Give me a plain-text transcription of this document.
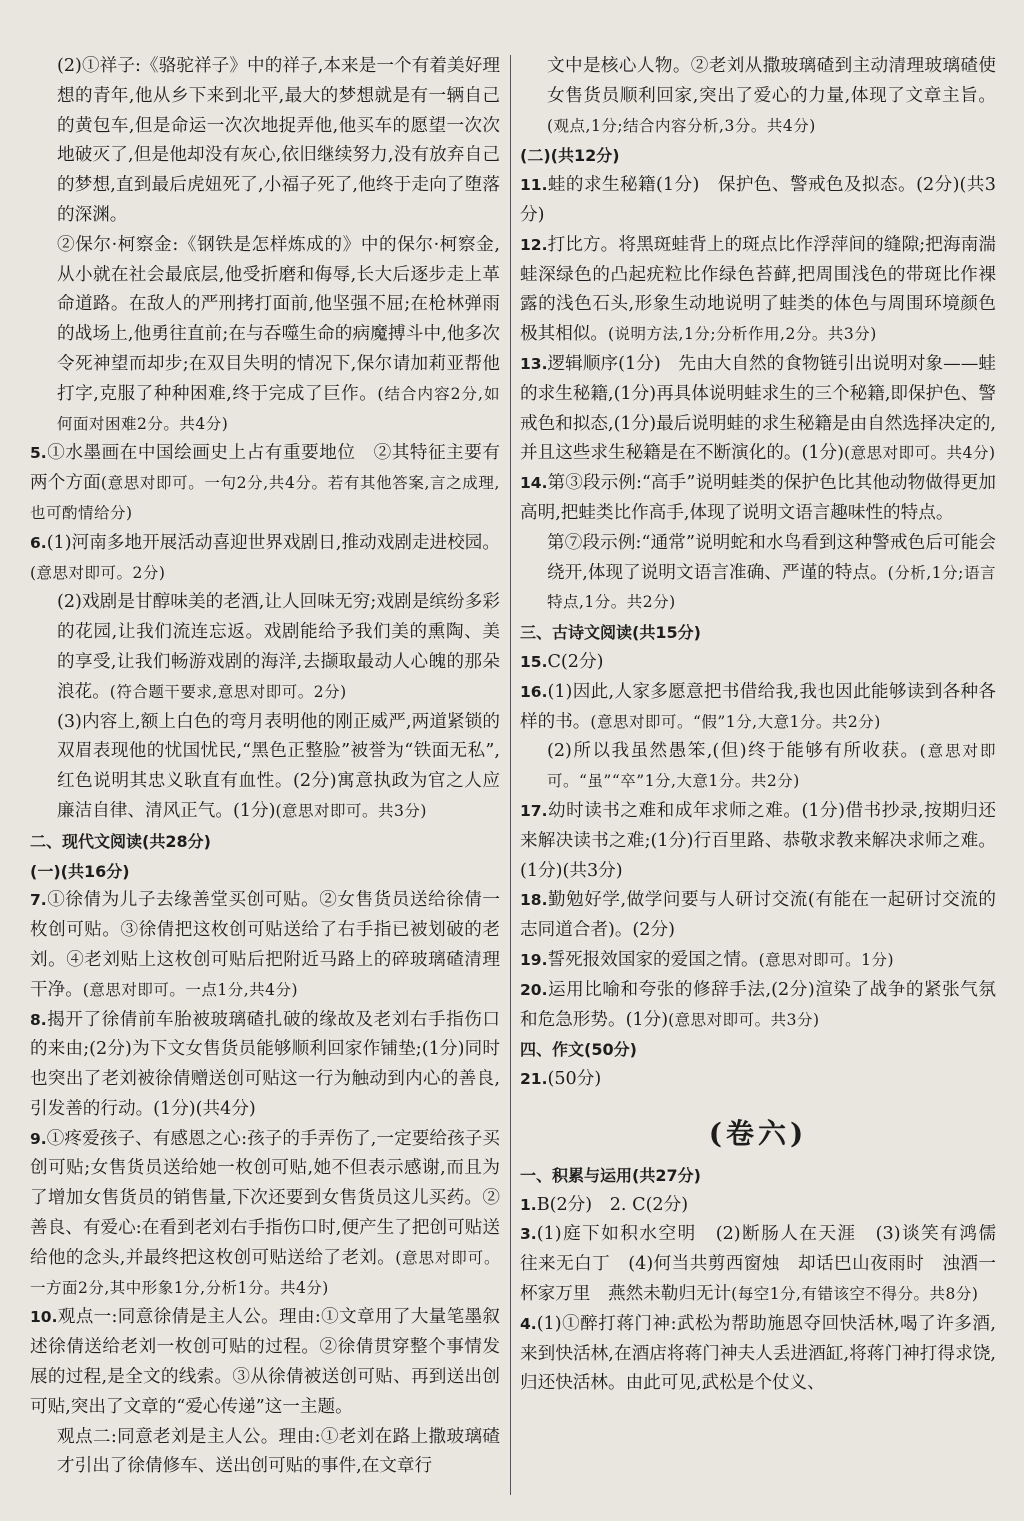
(2)①祥子:《骆驼祥子》中的祥子,本来是一个有着美好理想的青年,他从乡下来到北平,最大的梦想就是有一辆自己的黄包车,但是命运一次次地捉弄他,他买车的愿望一次次地破灭了,但是他却没有灰心,依旧继续努力,没有放弃自己的梦想,直到最后虎妞死了,小福子死了,他终于走向了堕落的深渊。

②保尔·柯察金:《钢铁是怎样炼成的》中的保尔·柯察金,从小就在社会最底层,他受折磨和侮辱,长大后逐步走上革命道路。在敌人的严刑拷打面前,他坚强不屈;在枪林弹雨的战场上,他勇往直前;在与吞噬生命的病魔搏斗中,他多次令死神望而却步;在双目失明的情况下,保尔请加莉亚帮他打字,克服了种种困难,终于完成了巨作。(结合内容2分,如何面对困难2分。共4分)

5.①水墨画在中国绘画史上占有重要地位　②其特征主要有两个方面(意思对即可。一句2分,共4分。若有其他答案,言之成理,也可酌情给分)

6.(1)河南多地开展活动喜迎世界戏剧日,推动戏剧走进校园。(意思对即可。2分)

(2)戏剧是甘醇味美的老酒,让人回味无穷;戏剧是缤纷多彩的花园,让我们流连忘返。戏剧能给予我们美的熏陶、美的享受,让我们畅游戏剧的海洋,去撷取最动人心魄的那朵浪花。(符合题干要求,意思对即可。2分)

(3)内容上,额上白色的弯月表明他的刚正威严,两道紧锁的双眉表现他的忧国忧民,“黑色正整脸”被誉为“铁面无私”,红色说明其忠义耿直有血性。(2分)寓意执政为官之人应廉洁自律、清风正气。(1分)(意思对即可。共3分)

二、现代文阅读(共28分)

(一)(共16分)

7.①徐倩为儿子去缘善堂买创可贴。②女售货员送给徐倩一枚创可贴。③徐倩把这枚创可贴送给了右手指已被划破的老刘。④老刘贴上这枚创可贴后把附近马路上的碎玻璃碴清理干净。(意思对即可。一点1分,共4分)

8.揭开了徐倩前车胎被玻璃碴扎破的缘故及老刘右手指伤口的来由;(2分)为下文女售货员能够顺利回家作铺垫;(1分)同时也突出了老刘被徐倩赠送创可贴这一行为触动到内心的善良,引发善的行动。(1分)(共4分)

9.①疼爱孩子、有感恩之心:孩子的手弄伤了,一定要给孩子买创可贴;女售货员送给她一枚创可贴,她不但表示感谢,而且为了增加女售货员的销售量,下次还要到女售货员这儿买药。②善良、有爱心:在看到老刘右手指伤口时,便产生了把创可贴送给他的念头,并最终把这枚创可贴送给了老刘。(意思对即可。一方面2分,其中形象1分,分析1分。共4分)

10.观点一:同意徐倩是主人公。理由:①文章用了大量笔墨叙述徐倩送给老刘一枚创可贴的过程。②徐倩贯穿整个事情发展的过程,是全文的线索。③从徐倩被送创可贴、再到送出创可贴,突出了文章的“爱心传递”这一主题。

观点二:同意老刘是主人公。理由:①老刘在路上撒玻璃碴才引出了徐倩修车、送出创可贴的事件,在文章行

文中是核心人物。②老刘从撒玻璃碴到主动清理玻璃碴使女售货员顺利回家,突出了爱心的力量,体现了文章主旨。(观点,1分;结合内容分析,3分。共4分)

(二)(共12分)

11.蛙的求生秘籍(1分)　保护色、警戒色及拟态。(2分)(共3分)

12.打比方。将黑斑蛙背上的斑点比作浮萍间的缝隙;把海南湍蛙深绿色的凸起疣粒比作绿色苔藓,把周围浅色的带斑比作裸露的浅色石头,形象生动地说明了蛙类的体色与周围环境颜色极其相似。(说明方法,1分;分析作用,2分。共3分)

13.逻辑顺序(1分)　先由大自然的食物链引出说明对象——蛙的求生秘籍,(1分)再具体说明蛙求生的三个秘籍,即保护色、警戒色和拟态,(1分)最后说明蛙的求生秘籍是由自然选择决定的,并且这些求生秘籍是在不断演化的。(1分)(意思对即可。共4分)

14.第③段示例:“高手”说明蛙类的保护色比其他动物做得更加高明,把蛙类比作高手,体现了说明文语言趣味性的特点。

第⑦段示例:“通常”说明蛇和水鸟看到这种警戒色后可能会绕开,体现了说明文语言准确、严谨的特点。(分析,1分;语言特点,1分。共2分)

三、古诗文阅读(共15分)

15.C(2分)

16.(1)因此,人家多愿意把书借给我,我也因此能够读到各种各样的书。(意思对即可。“假”1分,大意1分。共2分)

(2)所以我虽然愚笨,(但)终于能够有所收获。(意思对即可。“虽”“卒”1分,大意1分。共2分)

17.幼时读书之难和成年求师之难。(1分)借书抄录,按期归还来解决读书之难;(1分)行百里路、恭敬求教来解决求师之难。(1分)(共3分)

18.勤勉好学,做学问要与人研讨交流(有能在一起研讨交流的志同道合者)。(2分)

19.誓死报效国家的爱国之情。(意思对即可。1分)

20.运用比喻和夸张的修辞手法,(2分)渲染了战争的紧张气氛和危急形势。(1分)(意思对即可。共3分)

四、作文(50分)

21.(50分)

(卷六)

一、积累与运用(共27分)

1.B(2分)　2. C(2分)

3.(1)庭下如积水空明　(2)断肠人在天涯　(3)谈笑有鸿儒　往来无白丁　(4)何当共剪西窗烛　却话巴山夜雨时　浊酒一杯家万里　燕然未勒归无计(每空1分,有错该空不得分。共8分)

4.(1)①醉打蒋门神:武松为帮助施恩夺回快活林,喝了许多酒,来到快活林,在酒店将蒋门神夫人丢进酒缸,将蒋门神打得求饶,归还快活林。由此可见,武松是个仗义、
